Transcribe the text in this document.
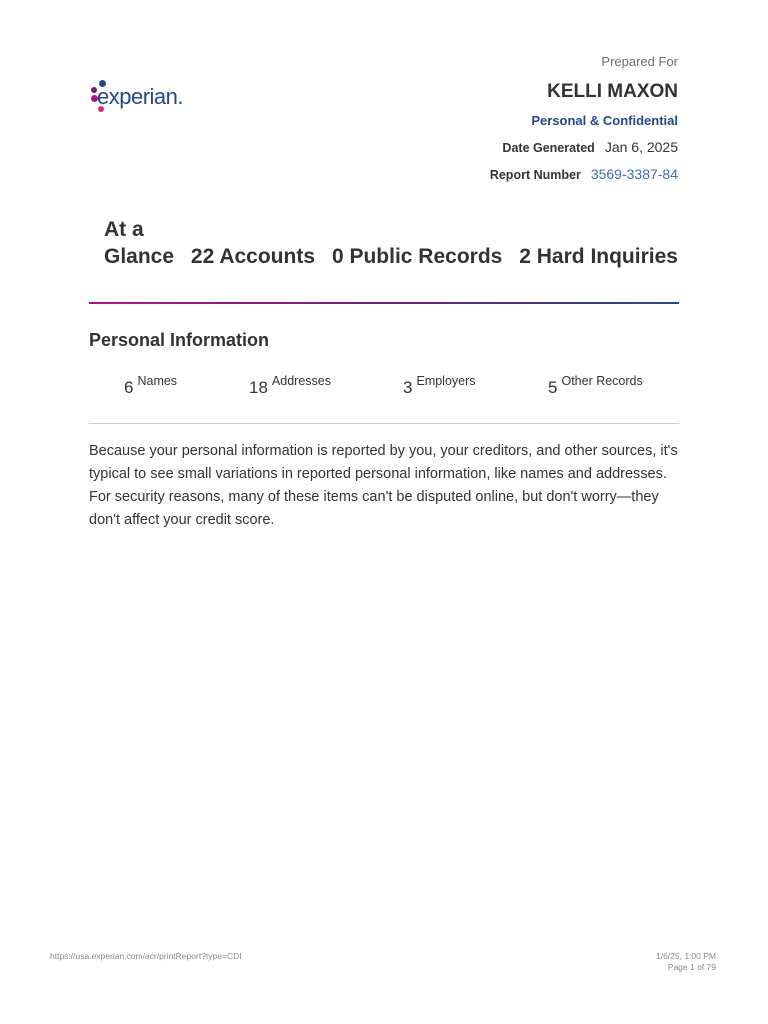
experian.
Prepared For
KELLI MAXON
Personal & Confidential
Date Generated Jan 6, 2025
Report Number 3569-3387-84
At a Glance 22 Accounts 0 Public Records 2 Hard Inquiries
Personal Information
6 Names	18 Addresses	3 Employers	5 Other Records
Because your personal information is reported by you, your creditors, and other sources, it's typical to see small variations in reported personal information, like names and addresses. For security reasons, many of these items can't be disputed online, but don't worry—they don't affect your credit score.
https://usa.experian.com/acr/printReport?type=CDI	1/6/25, 1:00 PM
Page 1 of 79
